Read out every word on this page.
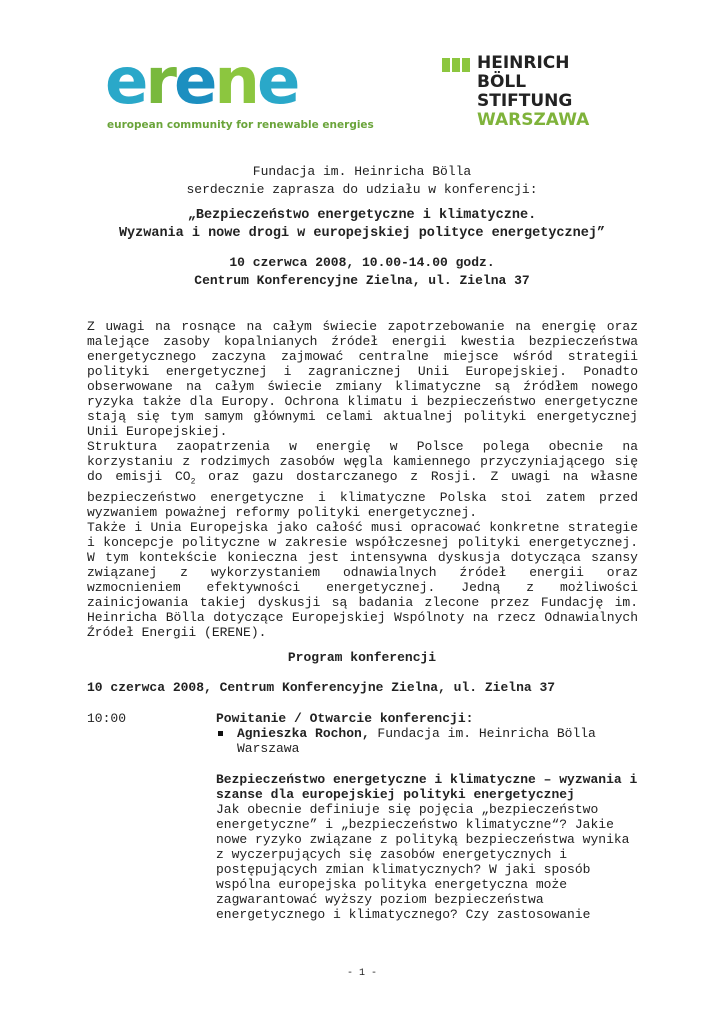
erene
european community for renewable energies
HEINRICH
BÖLL
STIFTUNG
WARSZAWA
Fundacja im. Heinricha Bölla
serdecznie zaprasza do udziału w konferencji:
„Bezpieczeństwo energetyczne i klimatyczne.
Wyzwania i nowe drogi w europejskiej polityce energetycznej”
10 czerwca 2008, 10.00-14.00 godz.
Centrum Konferencyjne Zielna, ul. Zielna 37

Z uwagi na rosnące na całym świecie zapotrzebowanie na energię oraz malejące zasoby kopalnianych źródeł energii kwestia bezpieczeństwa energetycznego zaczyna zajmować centralne miejsce wśród strategii polityki energetycznej i zagranicznej Unii Europejskiej. Ponadto obserwowane na całym świecie zmiany klimatyczne są źródłem nowego ryzyka także dla Europy. Ochrona klimatu i bezpieczeństwo energetyczne stają się tym samym głównymi celami aktualnej polityki energetycznej Unii Europejskiej.

Struktura zaopatrzenia w energię w Polsce polega obecnie na korzystaniu z rodzimych zasobów węgla kamiennego przyczyniającego się do emisji $CO_2$ oraz gazu dostarczanego z Rosji. Z uwagi na własne bezpieczeństwo energetyczne i klimatyczne Polska stoi zatem przed wyzwaniem poważnej reformy polityki energetycznej.

Także i Unia Europejska jako całość musi opracować konkretne strategie i koncepcje polityczne w zakresie współczesnej polityki energetycznej. W tym kontekście konieczna jest intensywna dyskusja dotycząca szansy związanej z wykorzystaniem odnawialnych źródeł energii oraz wzmocnieniem efektywności energetycznej. Jedną z możliwości zainicjowania takiej dyskusji są badania zlecone przez Fundację im. Heinricha Bölla dotyczące Europejskiej Wspólnoty na rzecz Odnawialnych Źródeł Energii (ERENE).

Program konferencji
10 czerwca 2008, Centrum Konferencyjne Zielna, ul. Zielna 37
10:00	Powitanie / Otwarcie konferencji:
Agnieszka Rochon, Fundacja im. Heinricha Bölla Warszawa
Bezpieczeństwo energetyczne i klimatyczne – wyzwania i szanse dla europejskiej polityki energetycznej
Jak obecnie definiuje się pojęcia „bezpieczeństwo energetyczne” i „bezpieczeństwo klimatyczne“? Jakie nowe ryzyko związane z polityką bezpieczeństwa wynika z wyczerpujących się zasobów energetycznych i postępujących zmian klimatycznych? W jaki sposób wspólna europejska polityka energetyczna może zagwarantować wyższy poziom bezpieczeństwa energetycznego i klimatycznego? Czy zastosowanie
- 1 -
